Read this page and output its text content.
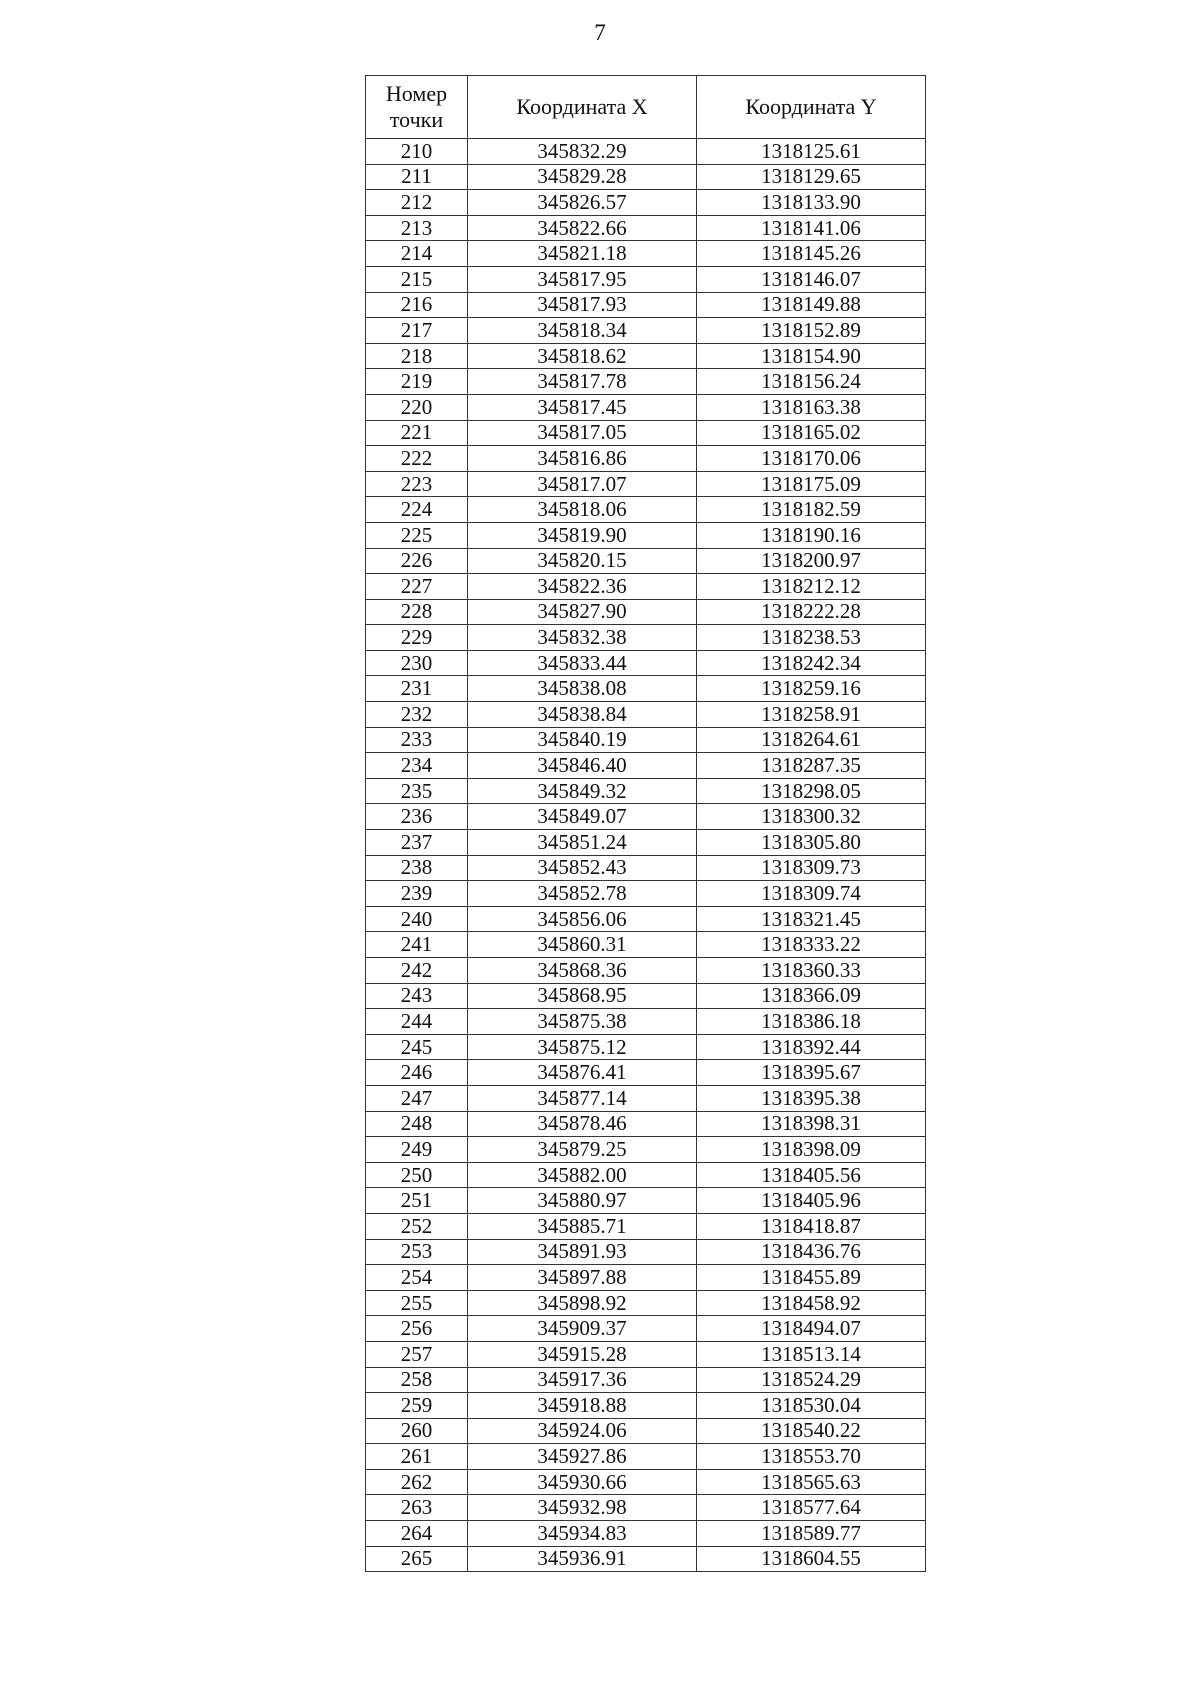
7
Номер точки	Координата X	Координата Y
210	345832.29	1318125.61
211	345829.28	1318129.65
212	345826.57	1318133.90
213	345822.66	1318141.06
214	345821.18	1318145.26
215	345817.95	1318146.07
216	345817.93	1318149.88
217	345818.34	1318152.89
218	345818.62	1318154.90
219	345817.78	1318156.24
220	345817.45	1318163.38
221	345817.05	1318165.02
222	345816.86	1318170.06
223	345817.07	1318175.09
224	345818.06	1318182.59
225	345819.90	1318190.16
226	345820.15	1318200.97
227	345822.36	1318212.12
228	345827.90	1318222.28
229	345832.38	1318238.53
230	345833.44	1318242.34
231	345838.08	1318259.16
232	345838.84	1318258.91
233	345840.19	1318264.61
234	345846.40	1318287.35
235	345849.32	1318298.05
236	345849.07	1318300.32
237	345851.24	1318305.80
238	345852.43	1318309.73
239	345852.78	1318309.74
240	345856.06	1318321.45
241	345860.31	1318333.22
242	345868.36	1318360.33
243	345868.95	1318366.09
244	345875.38	1318386.18
245	345875.12	1318392.44
246	345876.41	1318395.67
247	345877.14	1318395.38
248	345878.46	1318398.31
249	345879.25	1318398.09
250	345882.00	1318405.56
251	345880.97	1318405.96
252	345885.71	1318418.87
253	345891.93	1318436.76
254	345897.88	1318455.89
255	345898.92	1318458.92
256	345909.37	1318494.07
257	345915.28	1318513.14
258	345917.36	1318524.29
259	345918.88	1318530.04
260	345924.06	1318540.22
261	345927.86	1318553.70
262	345930.66	1318565.63
263	345932.98	1318577.64
264	345934.83	1318589.77
265	345936.91	1318604.55
